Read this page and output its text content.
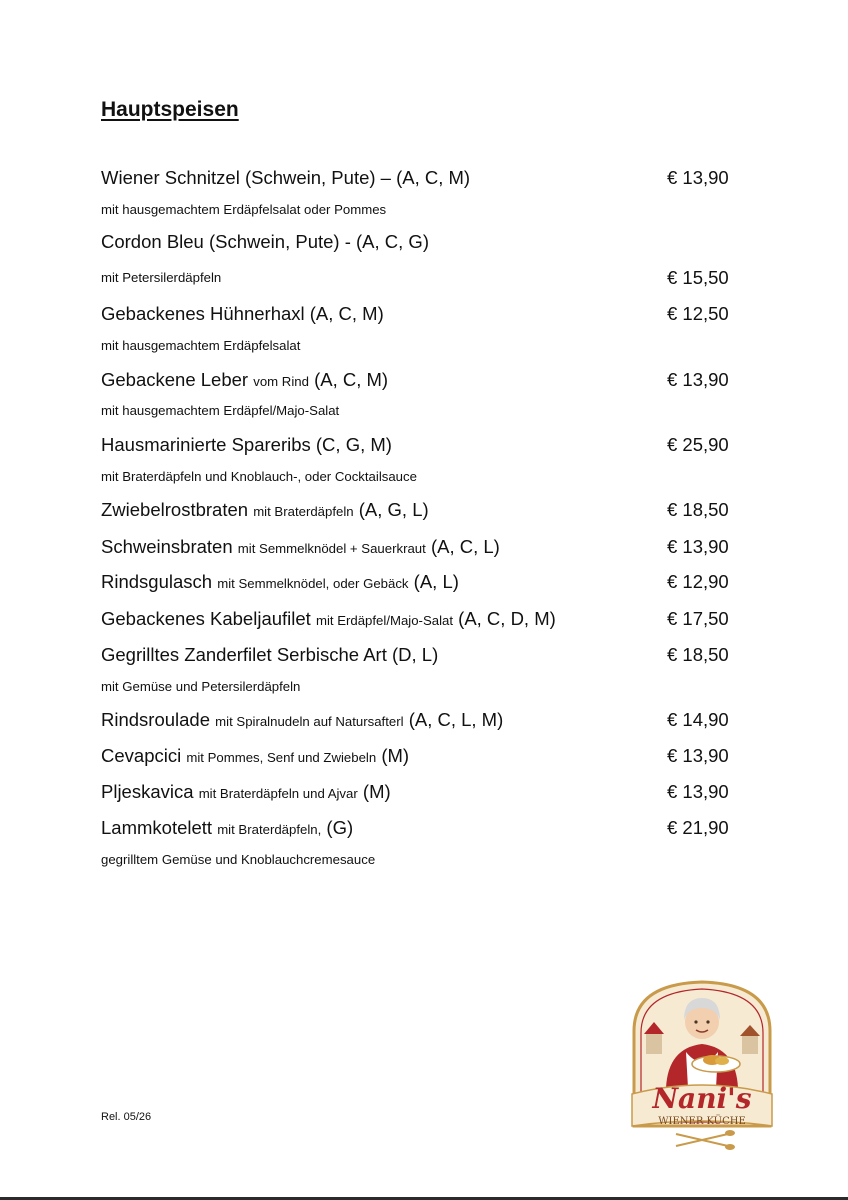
Hauptspeisen
Wiener Schnitzel (Schwein, Pute) – (A, C, M)	€ 13,90
mit hausgemachtem Erdäpfelsalat oder Pommes
Cordon Bleu (Schwein, Pute) - (A, C, G)
mit Petersilerdäpfeln	€ 15,50
Gebackenes Hühnerhaxl (A, C, M)	€ 12,50
mit hausgemachtem Erdäpfelsalat
Gebackene Leber vom Rind (A, C, M)	€ 13,90
mit hausgemachtem Erdäpfel/Majo-Salat
Hausmarinierte Spareribs (C, G, M)	€ 25,90
mit Braterdäpfeln und Knoblauch-, oder Cocktailsauce
Zwiebelrostbraten mit Braterdäpfeln (A, G, L)	€ 18,50
Schweinsbraten mit Semmelknödel + Sauerkraut (A, C, L)	€ 13,90
Rindsgulasch mit Semmelknödel, oder Gebäck (A, L)	€ 12,90
Gebackenes Kabeljaufilet mit Erdäpfel/Majo-Salat (A, C, D, M)	€ 17,50
Gegrilltes Zanderfilet Serbische Art (D, L)	€ 18,50
mit Gemüse und Petersilerdäpfeln
Rindsroulade mit Spiralnudeln auf Natursafterl (A, C, L, M)	€ 14,90
Cevapcici mit Pommes, Senf und Zwiebeln (M)	€ 13,90
Pljeskavica mit Braterdäpfeln und Ajvar (M)	€ 13,90
Lammkotelett mit Braterdäpfeln, (G)	€ 21,90
gegrilltem Gemüse und Knoblauchcremesauce
Rel. 05/26
Nani's
WIENER KÜCHE
